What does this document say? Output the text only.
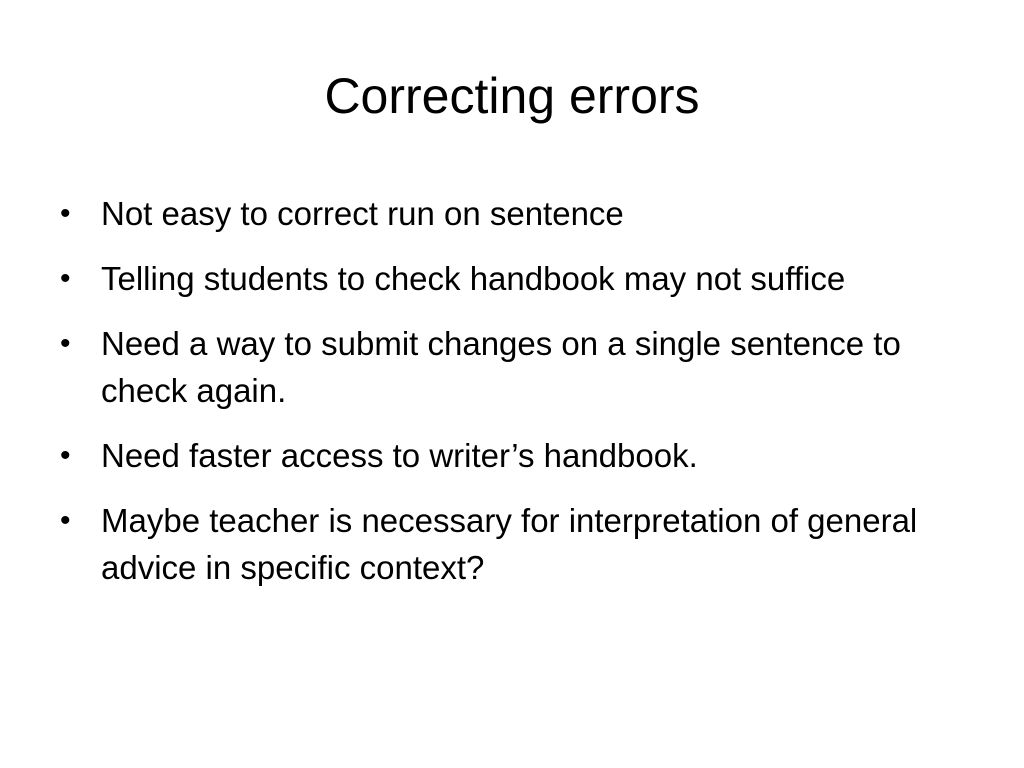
Correcting errors
• Not easy to correct run on sentence
• Telling students to check handbook may not suffice
• Need a way to submit changes on a single sentence to check again.
• Need faster access to writer’s handbook.
• Maybe teacher is necessary for interpretation of general advice in specific context?
